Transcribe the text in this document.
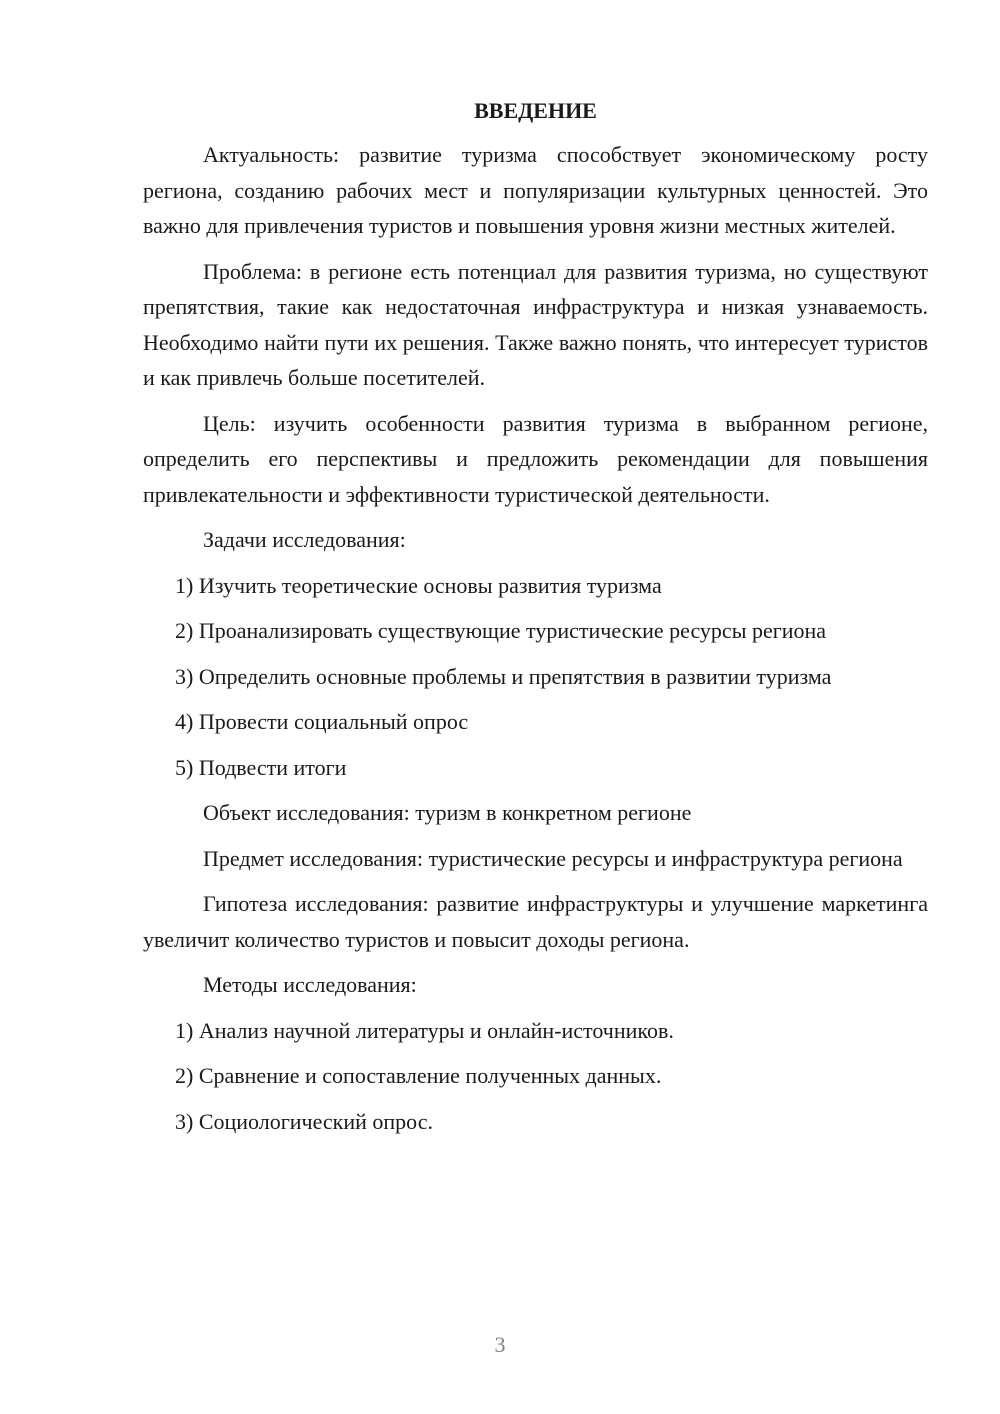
ВВЕДЕНИЕ

Актуальность: развитие туризма способствует экономическому росту региона, созданию рабочих мест и популяризации культурных ценностей. Это важно для привлечения туристов и повышения уровня жизни местных жителей.

Проблема: в регионе есть потенциал для развития туризма, но существуют препятствия, такие как недостаточная инфраструктура и низкая узнаваемость. Необходимо найти пути их решения. Также важно понять, что интересует туристов и как привлечь больше посетителей.

Цель: изучить особенности развития туризма в выбранном регионе, определить его перспективы и предложить рекомендации для повышения привлекательности и эффективности туристической деятельности.

Задачи исследования:
1) Изучить теоретические основы развития туризма
2) Проанализировать существующие туристические ресурсы региона
3) Определить основные проблемы и препятствия в развитии туризма
4) Провести социальный опрос
5) Подвести итоги
Объект исследования: туризм в конкретном регионе

Предмет исследования: туристические ресурсы и инфраструктура региона

Гипотеза исследования: развитие инфраструктуры и улучшение маркетинга увеличит количество туристов и повысит доходы региона.

Методы исследования:
1) Анализ научной литературы и онлайн-источников.
2) Сравнение и сопоставление полученных данных.
3) Социологический опрос.
3
